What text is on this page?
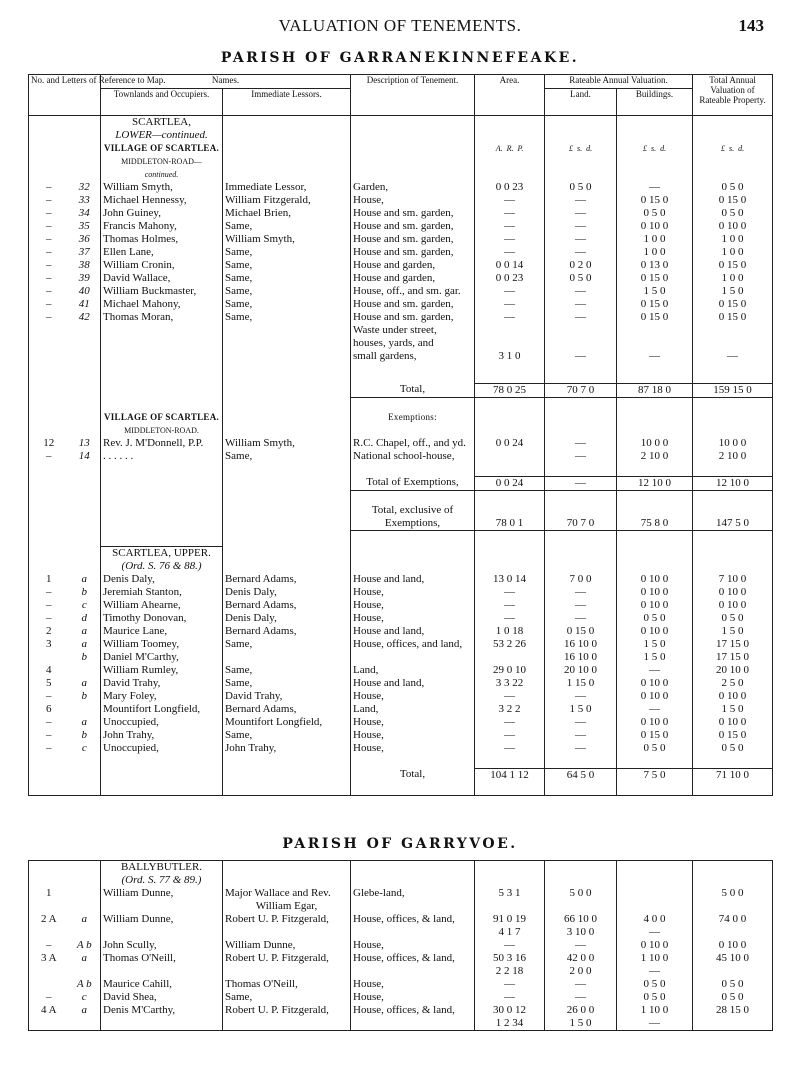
VALUATION OF TENEMENTS.	143
PARISH OF GARRANEKINNEFEAKE.
No. and Letters of Reference to Map.		Names.		Description of Tenement.	Area.	Rateable Annual Valuation.		Total Annual Valuation of Rateable Property.
		Townlands and Occupiers.	Immediate Lessors.			Land.	Buildings.	
		SCARTLEA,						
		LOWER—continued.						
		VILLAGE OF SCARTLEA.			A. R. P.	£ s. d.	£ s. d.	£ s. d.
		MIDDLETON-ROAD—						
		continued.						
–	32	William Smyth,	Immediate Lessor,	Garden,	0 0 23	0 5 0	—	0 5 0
–	33	Michael Hennessy,	William Fitzgerald,	House,	—	—	0 15 0	0 15 0
–	34	John Guiney,	Michael Brien,	House and sm. garden,	—	—	0 5 0	0 5 0
–	35	Francis Mahony,	Same,	House and sm. garden,	—	—	0 10 0	0 10 0
–	36	Thomas Holmes,	William Smyth,	House and sm. garden,	—	—	1 0 0	1 0 0
–	37	Ellen Lane,	Same,	House and sm. garden,	—	—	1 0 0	1 0 0
–	38	William Cronin,	Same,	House and garden,	0 0 14	0 2 0	0 13 0	0 15 0
–	39	David Wallace,	Same,	House and garden,	0 0 23	0 5 0	0 15 0	1 0 0
–	40	William Buckmaster,	Same,	House, off., and sm. gar.	—	—	1 5 0	1 5 0
–	41	Michael Mahony,	Same,	House and sm. garden,	—	—	0 15 0	0 15 0
–	42	Thomas Moran,	Same,	House and sm. garden,	—	—	0 15 0	0 15 0
				Waste under street,				
				houses, yards, and				
				small gardens,	3 1 0	—	—	—

				Total,	78 0 25	70 7 0	87 18 0	159 15 0

		VILLAGE OF SCARTLEA.		Exemptions:				
		MIDDLETON-ROAD.						
12	13	Rev. J. M'Donnell, P.P.	William Smyth,	R.C. Chapel, off., and yd.	0 0 24	—	10 0 0	10 0 0
–	14	. . . . . .	Same,	National school-house,		—	2 10 0	2 10 0

				Total of Exemptions,	0 0 24	—	12 10 0	12 10 0

				Total, exclusive of				
				Exemptions,	78 0 1	70 7 0	75 8 0	147 5 0

		SCARTLEA, UPPER.						
		(Ord. S. 76 & 88.)						
1	a	Denis Daly,	Bernard Adams,	House and land,	13 0 14	7 0 0	0 10 0	7 10 0
–	b	Jeremiah Stanton,	Denis Daly,	House,	—	—	0 10 0	0 10 0
–	c	William Ahearne,	Bernard Adams,	House,	—	—	0 10 0	0 10 0
–	d	Timothy Donovan,	Denis Daly,	House,	—	—	0 5 0	0 5 0
2	a	Maurice Lane,	Bernard Adams,	House and land,	1 0 18	0 15 0	0 10 0	1 5 0
3	a	William Toomey,	Same,	House, offices, and land,	53 2 26	16 10 0	1 5 0	17 15 0
	b	Daniel M'Carthy,				16 10 0	1 5 0	17 15 0
4		William Rumley,	Same,	Land,	29 0 10	20 10 0	—	20 10 0
5	a	David Trahy,	Same,	House and land,	3 3 22	1 15 0	0 10 0	2 5 0
–	b	Mary Foley,	David Trahy,	House,	—	—	0 10 0	0 10 0
6		Mountifort Longfield,	Bernard Adams,	Land,	3 2 2	1 5 0	—	1 5 0
–	a	Unoccupied,	Mountifort Longfield,	House,	—	—	0 10 0	0 10 0
–	b	John Trahy,	Same,	House,	—	—	0 15 0	0 15 0
–	c	Unoccupied,	John Trahy,	House,	—	—	0 5 0	0 5 0

				Total,	104 1 12	64 5 0	7 5 0	71 10 0

PARISH OF GARRYVOE.
		BALLYBUTLER.						
		(Ord. S. 77 & 89.)						
1		William Dunne,	Major Wallace and Rev.	Glebe-land,	5 3 1	5 0 0		5 0 0
			William Egar,					
2 A	a	William Dunne,	Robert U. P. Fitzgerald,	House, offices, & land,	91 0 19	66 10 0	4 0 0	74 0 0
					4 1 7	3 10 0	—	
–	A b	John Scully,	William Dunne,	House,	—	—	0 10 0	0 10 0
3 A	a	Thomas O'Neill,	Robert U. P. Fitzgerald,	House, offices, & land,	50 3 16	42 0 0	1 10 0	45 10 0
					2 2 18	2 0 0	—	
	A b	Maurice Cahill,	Thomas O'Neill,	House,	—	—	0 5 0	0 5 0
–	c	David Shea,	Same,	House,	—	—	0 5 0	0 5 0
4 A	a	Denis M'Carthy,	Robert U. P. Fitzgerald,	House, offices, & land,	30 0 12	26 0 0	1 10 0	28 15 0
					1 2 34	1 5 0	—	
